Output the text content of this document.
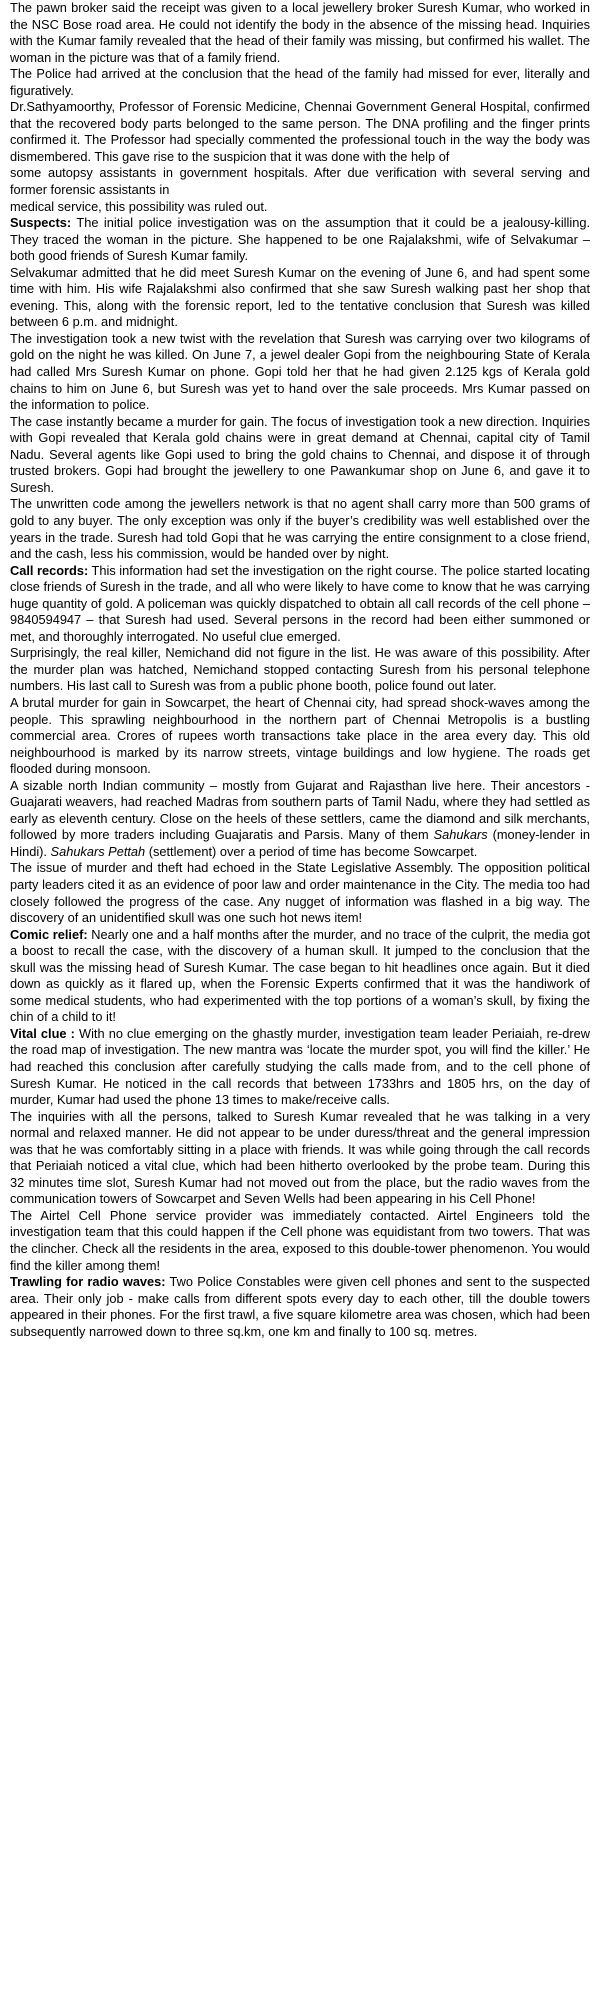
The pawn broker said the receipt was given to a local jewellery broker Suresh Kumar, who worked in the NSC Bose road area. He could not identify the body in the absence of the missing head. Inquiries with the Kumar family revealed that the head of their family was missing, but confirmed his wallet. The woman in the picture was that of a family friend.

The Police had arrived at the conclusion that the head of the family had missed for ever, literally and figuratively.

Dr.Sathyamoorthy, Professor of Forensic Medicine, Chennai Government General Hospital, confirmed that the recovered body parts belonged to the same person. The DNA profiling and the finger prints confirmed it. The Professor had specially commented the professional touch in the way the body was dismembered. This gave rise to the suspicion that it was done with the help of

some autopsy assistants in government hospitals. After due verification with several serving and former forensic assistants in

medical service, this possibility was ruled out.

Suspects: The initial police investigation was on the assumption that it could be a jealousy-killing. They traced the woman in the picture. She happened to be one Rajalakshmi, wife of Selvakumar – both good friends of Suresh Kumar family.

Selvakumar admitted that he did meet Suresh Kumar on the evening of June 6, and had spent some time with him. His wife Rajalakshmi also confirmed that she saw Suresh walking past her shop that evening. This, along with the forensic report, led to the tentative conclusion that Suresh was killed between 6 p.m. and midnight.

The investigation took a new twist with the revelation that Suresh was carrying over two kilograms of gold on the night he was killed. On June 7, a jewel dealer Gopi from the neighbouring State of Kerala had called Mrs Suresh Kumar on phone. Gopi told her that he had given 2.125 kgs of Kerala gold chains to him on June 6, but Suresh was yet to hand over the sale proceeds. Mrs Kumar passed on the information to police.

The case instantly became a murder for gain. The focus of investigation took a new direction. Inquiries with Gopi revealed that Kerala gold chains were in great demand at Chennai, capital city of Tamil Nadu. Several agents like Gopi used to bring the gold chains to Chennai, and dispose it of through trusted brokers. Gopi had brought the jewellery to one Pawankumar shop on June 6, and gave it to Suresh.

The unwritten code among the jewellers network is that no agent shall carry more than 500 grams of gold to any buyer. The only exception was only if the buyer’s credibility was well established over the years in the trade. Suresh had told Gopi that he was carrying the entire consignment to a close friend, and the cash, less his commission, would be handed over by night.

Call records: This information had set the investigation on the right course. The police started locating close friends of Suresh in the trade, and all who were likely to have come to know that he was carrying huge quantity of gold. A policeman was quickly dispatched to obtain all call records of the cell phone – 9840594947 – that Suresh had used. Several persons in the record had been either summoned or met, and thoroughly interrogated. No useful clue emerged.

Surprisingly, the real killer, Nemichand did not figure in the list. He was aware of this possibility. After the murder plan was hatched, Nemichand stopped contacting Suresh from his personal telephone numbers. His last call to Suresh was from a public phone booth, police found out later.

A brutal murder for gain in Sowcarpet, the heart of Chennai city, had spread shock-waves among the people. This sprawling neighbourhood in the northern part of Chennai Metropolis is a bustling commercial area. Crores of rupees worth transactions take place in the area every day. This old neighbourhood is marked by its narrow streets, vintage buildings and low hygiene. The roads get flooded during monsoon.

A sizable north Indian community – mostly from Gujarat and Rajasthan live here. Their ancestors - Guajarati weavers, had reached Madras from southern parts of Tamil Nadu, where they had settled as early as eleventh century. Close on the heels of these settlers, came the diamond and silk merchants, followed by more traders including Guajaratis and Parsis. Many of them Sahukars (money-lender in Hindi). Sahukars Pettah (settlement) over a period of time has become Sowcarpet.

The issue of murder and theft had echoed in the State Legislative Assembly. The opposition political party leaders cited it as an evidence of poor law and order maintenance in the City. The media too had closely followed the progress of the case. Any nugget of information was flashed in a big way. The discovery of an unidentified skull was one such hot news item!

Comic relief: Nearly one and a half months after the murder, and no trace of the culprit, the media got a boost to recall the case, with the discovery of a human skull. It jumped to the conclusion that the skull was the missing head of Suresh Kumar. The case began to hit headlines once again. But it died down as quickly as it flared up, when the Forensic Experts confirmed that it was the handiwork of some medical students, who had experimented with the top portions of a woman’s skull, by fixing the chin of a child to it!

Vital clue : With no clue emerging on the ghastly murder, investigation team leader Periaiah, re-drew the road map of investigation. The new mantra was ‘locate the murder spot, you will find the killer.’ He had reached this conclusion after carefully studying the calls made from, and to the cell phone of Suresh Kumar. He noticed in the call records that between 1733hrs and 1805 hrs, on the day of murder, Kumar had used the phone 13 times to make/receive calls.

The inquiries with all the persons, talked to Suresh Kumar revealed that he was talking in a very normal and relaxed manner. He did not appear to be under duress/threat and the general impression was that he was comfortably sitting in a place with friends. It was while going through the call records that Periaiah noticed a vital clue, which had been hitherto overlooked by the probe team. During this 32 minutes time slot, Suresh Kumar had not moved out from the place, but the radio waves from the communication towers of Sowcarpet and Seven Wells had been appearing in his Cell Phone!

The Airtel Cell Phone service provider was immediately contacted. Airtel Engineers told the investigation team that this could happen if the Cell phone was equidistant from two towers. That was the clincher. Check all the residents in the area, exposed to this double-tower phenomenon. You would find the killer among them!

Trawling for radio waves: Two Police Constables were given cell phones and sent to the suspected area. Their only job - make calls from different spots every day to each other, till the double towers appeared in their phones. For the first trawl, a five square kilometre area was chosen, which had been subsequently narrowed down to three sq.km, one km and finally to 100 sq. metres.
